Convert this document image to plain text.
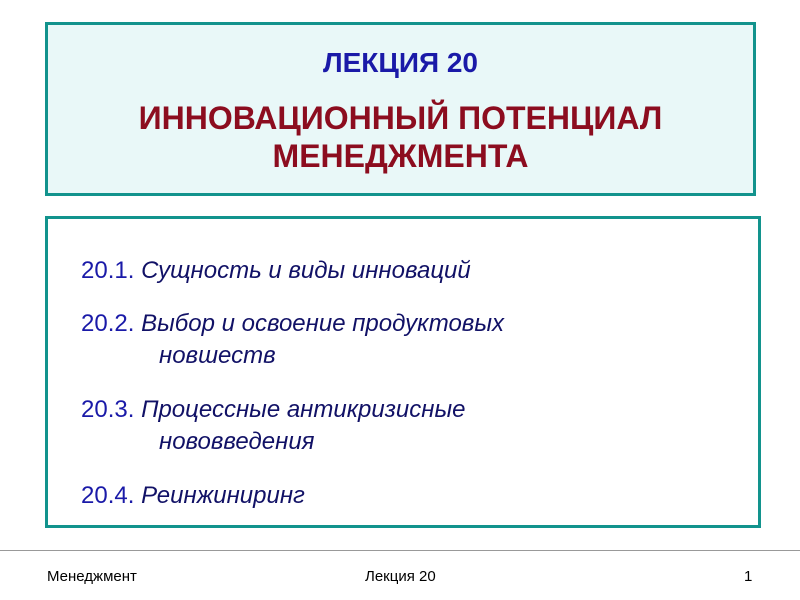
ЛЕКЦИЯ 20
ИННОВАЦИОННЫЙ ПОТЕНЦИАЛ
МЕНЕДЖМЕНТА
20.1. Сущность и виды инноваций
20.2. Выбор и освоение продуктовых
новшеств
20.3. Процессные антикризисные
нововведения
20.4. Реинжиниринг
Менеджмент	Лекция 20	1
